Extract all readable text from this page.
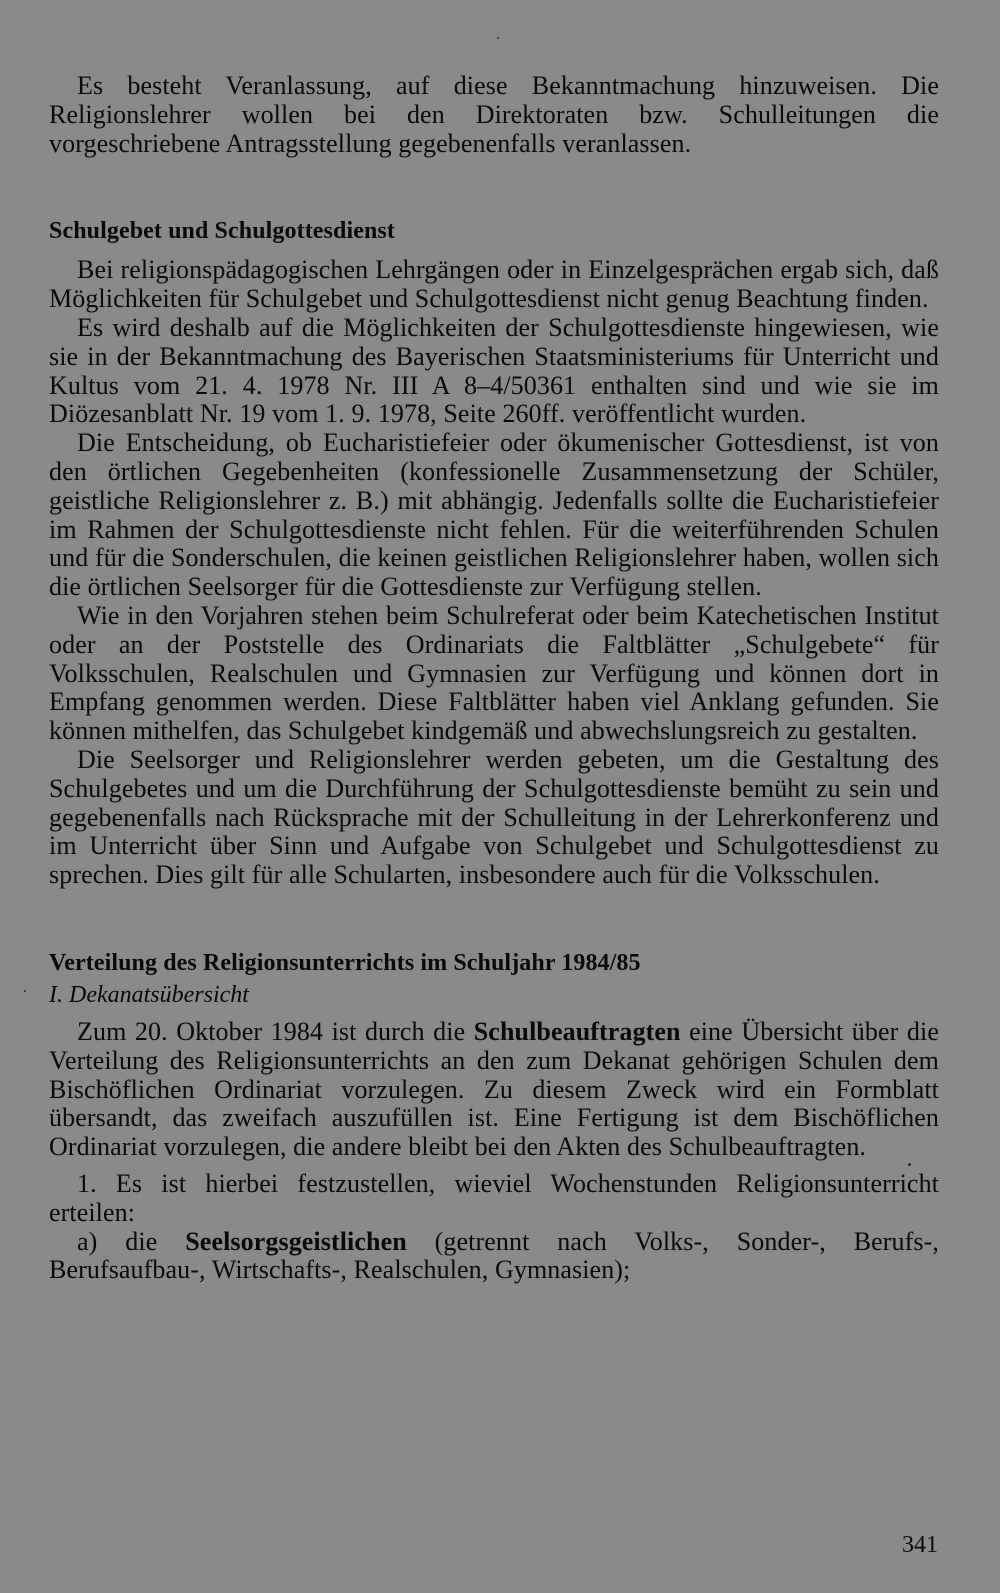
Es besteht Veranlassung, auf diese Bekanntmachung hinzuweisen. Die Religionslehrer wollen bei den Direktoraten bzw. Schulleitungen die vorgeschriebene Antragsstellung gegebenenfalls veranlassen.

Schulgebet und Schulgottesdienst

Bei religionspädagogischen Lehrgängen oder in Einzelgesprächen ergab sich, daß Möglichkeiten für Schulgebet und Schulgottesdienst nicht genug Beachtung finden.

Es wird deshalb auf die Möglichkeiten der Schulgottesdienste hingewiesen, wie sie in der Bekanntmachung des Bayerischen Staatsministeriums für Unterricht und Kultus vom 21. 4. 1978 Nr. III A 8–4/50361 enthalten sind und wie sie im Diözesanblatt Nr. 19 vom 1. 9. 1978, Seite 260ff. veröffentlicht wurden.

Die Entscheidung, ob Eucharistiefeier oder ökumenischer Gottesdienst, ist von den örtlichen Gegebenheiten (konfessionelle Zusammensetzung der Schüler, geistliche Religionslehrer z. B.) mit abhängig. Jedenfalls sollte die Eucharistiefeier im Rahmen der Schulgottesdienste nicht fehlen. Für die weiterführenden Schulen und für die Sonderschulen, die keinen geistlichen Religionslehrer haben, wollen sich die örtlichen Seelsorger für die Gottesdienste zur Verfügung stellen.

Wie in den Vorjahren stehen beim Schulreferat oder beim Katechetischen Institut oder an der Poststelle des Ordinariats die Faltblätter „Schulgebete“ für Volksschulen, Realschulen und Gymnasien zur Verfügung und können dort in Empfang genommen werden. Diese Faltblätter haben viel Anklang gefunden. Sie können mithelfen, das Schulgebet kindgemäß und abwechslungsreich zu gestalten.

Die Seelsorger und Religionslehrer werden gebeten, um die Gestaltung des Schulgebetes und um die Durchführung der Schulgottesdienste bemüht zu sein und gegebenenfalls nach Rücksprache mit der Schulleitung in der Lehrerkonferenz und im Unterricht über Sinn und Aufgabe von Schulgebet und Schulgottesdienst zu sprechen. Dies gilt für alle Schularten, insbesondere auch für die Volksschulen.

Verteilung des Religionsunterrichts im Schuljahr 1984/85

I. Dekanatsübersicht

Zum 20. Oktober 1984 ist durch die Schulbeauftragten eine Übersicht über die Verteilung des Religionsunterrichts an den zum Dekanat gehörigen Schulen dem Bischöflichen Ordinariat vorzulegen. Zu diesem Zweck wird ein Formblatt übersandt, das zweifach auszufüllen ist. Eine Fertigung ist dem Bischöflichen Ordinariat vorzulegen, die andere bleibt bei den Akten des Schulbeauftragten.

1. Es ist hierbei festzustellen, wieviel Wochenstunden Religionsunterricht erteilen:

a) die Seelsorgsgeistlichen (getrennt nach Volks-, Sonder-, Berufs-, Berufsaufbau-, Wirtschafts-, Realschulen, Gymnasien);

341
